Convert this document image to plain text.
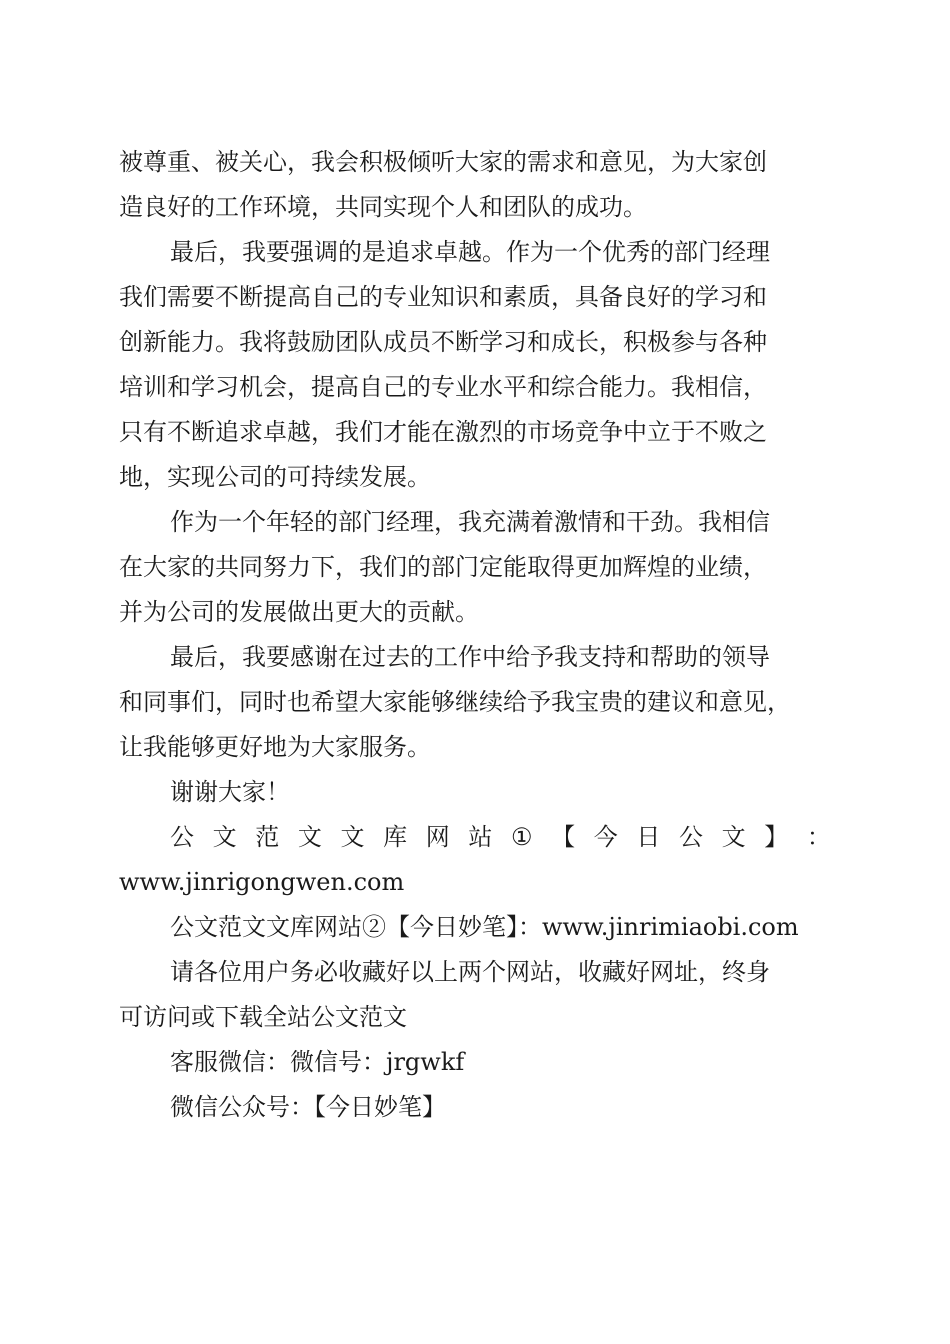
被尊重、被关心，我会积极倾听大家的需求和意见，为大家创
造良好的工作环境，共同实现个人和团队的成功。
最后，我要强调的是追求卓越。作为一个优秀的部门经理
我们需要不断提高自己的专业知识和素质，具备良好的学习和
创新能力。我将鼓励团队成员不断学习和成长，积极参与各种
培训和学习机会，提高自己的专业水平和综合能力。我相信，
只有不断追求卓越，我们才能在激烈的市场竞争中立于不败之
地，实现公司的可持续发展。
作为一个年轻的部门经理，我充满着激情和干劲。我相信
在大家的共同努力下，我们的部门定能取得更加辉煌的业绩，
并为公司的发展做出更大的贡献。
最后，我要感谢在过去的工作中给予我支持和帮助的领导
和同事们，同时也希望大家能够继续给予我宝贵的建议和意见，
让我能够更好地为大家服务。
谢谢大家！
公 文 范 文 文 库 网 站 ① 【 今 日 公 文 】 ：
www.jinrigongwen.com
公文范文文库网站②【今日妙笔】：www.jinrimiaobi.com
请各位用户务必收藏好以上两个网站，收藏好网址，终身
可访问或下载全站公文范文
客服微信：微信号：jrgwkf
微信公众号：【今日妙笔】
